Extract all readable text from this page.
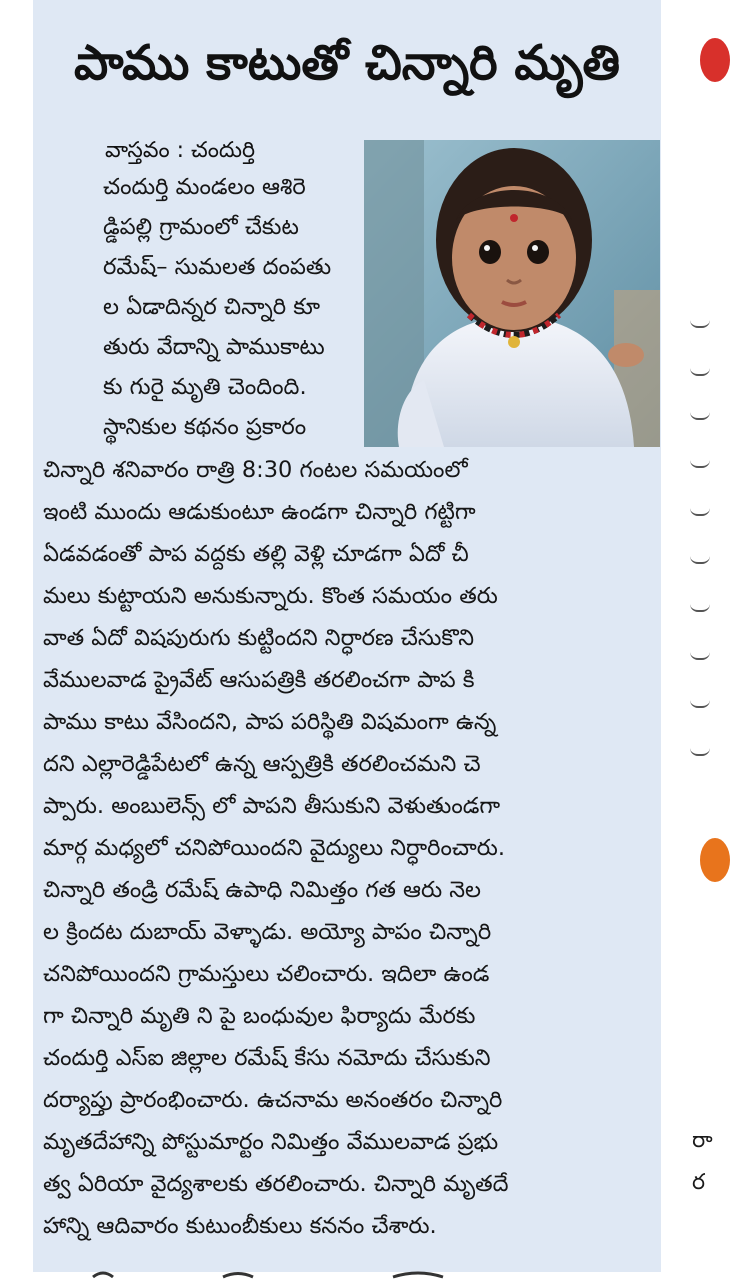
పాము కాటుతో చిన్నారి మృతి
వాస్తవం : చందుర్తి
చందుర్తి మండలం ఆశిరె
డ్డిపల్లి గ్రామంలో చేకుట
రమేష్– సుమలత దంపతు
ల ఏడాదిన్నర చిన్నారి కూ
తురు వేదాన్ని పాముకాటు
కు గురై మృతి చెందింది.
స్థానికుల కథనం ప్రకారం
చిన్నారి శనివారం రాత్రి 8:30 గంటల సమయంలో
ఇంటి ముందు ఆడుకుంటూ ఉండగా చిన్నారి గట్టిగా
ఏడవడంతో పాప వద్దకు తల్లి వెళ్లి చూడగా ఏదో చీ
మలు కుట్టాయని అనుకున్నారు. కొంత సమయం తరు
వాత ఏదో విషపురుగు కుట్టిందని నిర్ధారణ చేసుకొని
వేములవాడ ప్రైవేట్ ఆసుపత్రికి తరలించగా పాప కి
పాము కాటు వేసిందని, పాప పరిస్థితి విషమంగా ఉన్న
దని ఎల్లారెడ్డిపేటలో ఉన్న ఆస్పత్రికి తరలించమని చె
ప్పారు. అంబులెన్స్ లో పాపని తీసుకుని వెళుతుండగా
మార్గ మధ్యలో చనిపోయిందని వైద్యులు నిర్ధారించారు.
చిన్నారి తండ్రి రమేష్ ఉపాధి నిమిత్తం గత ఆరు నెల
ల క్రిందట దుబాయ్ వెళ్ళాడు. అయ్యో పాపం చిన్నారి
చనిపోయిందని గ్రామస్తులు చలించారు. ఇదిలా ఉండ
గా చిన్నారి మృతి ని పై బంధువుల ఫిర్యాదు మేరకు
చందుర్తి ఎస్ఐ జిల్లాల రమేష్ కేసు నమోదు చేసుకుని
దర్యాప్తు ప్రారంభించారు. ఉచనామ అనంతరం చిన్నారి
మృతదేహాన్ని పోస్టుమార్టం నిమిత్తం వేములవాడ ప్రభు
త్వ ఏరియా వైద్యశాలకు తరలించారు. చిన్నారి మృతదే
హాన్ని ఆదివారం కుటుంబీకులు కననం చేశారు.
రా
ర
